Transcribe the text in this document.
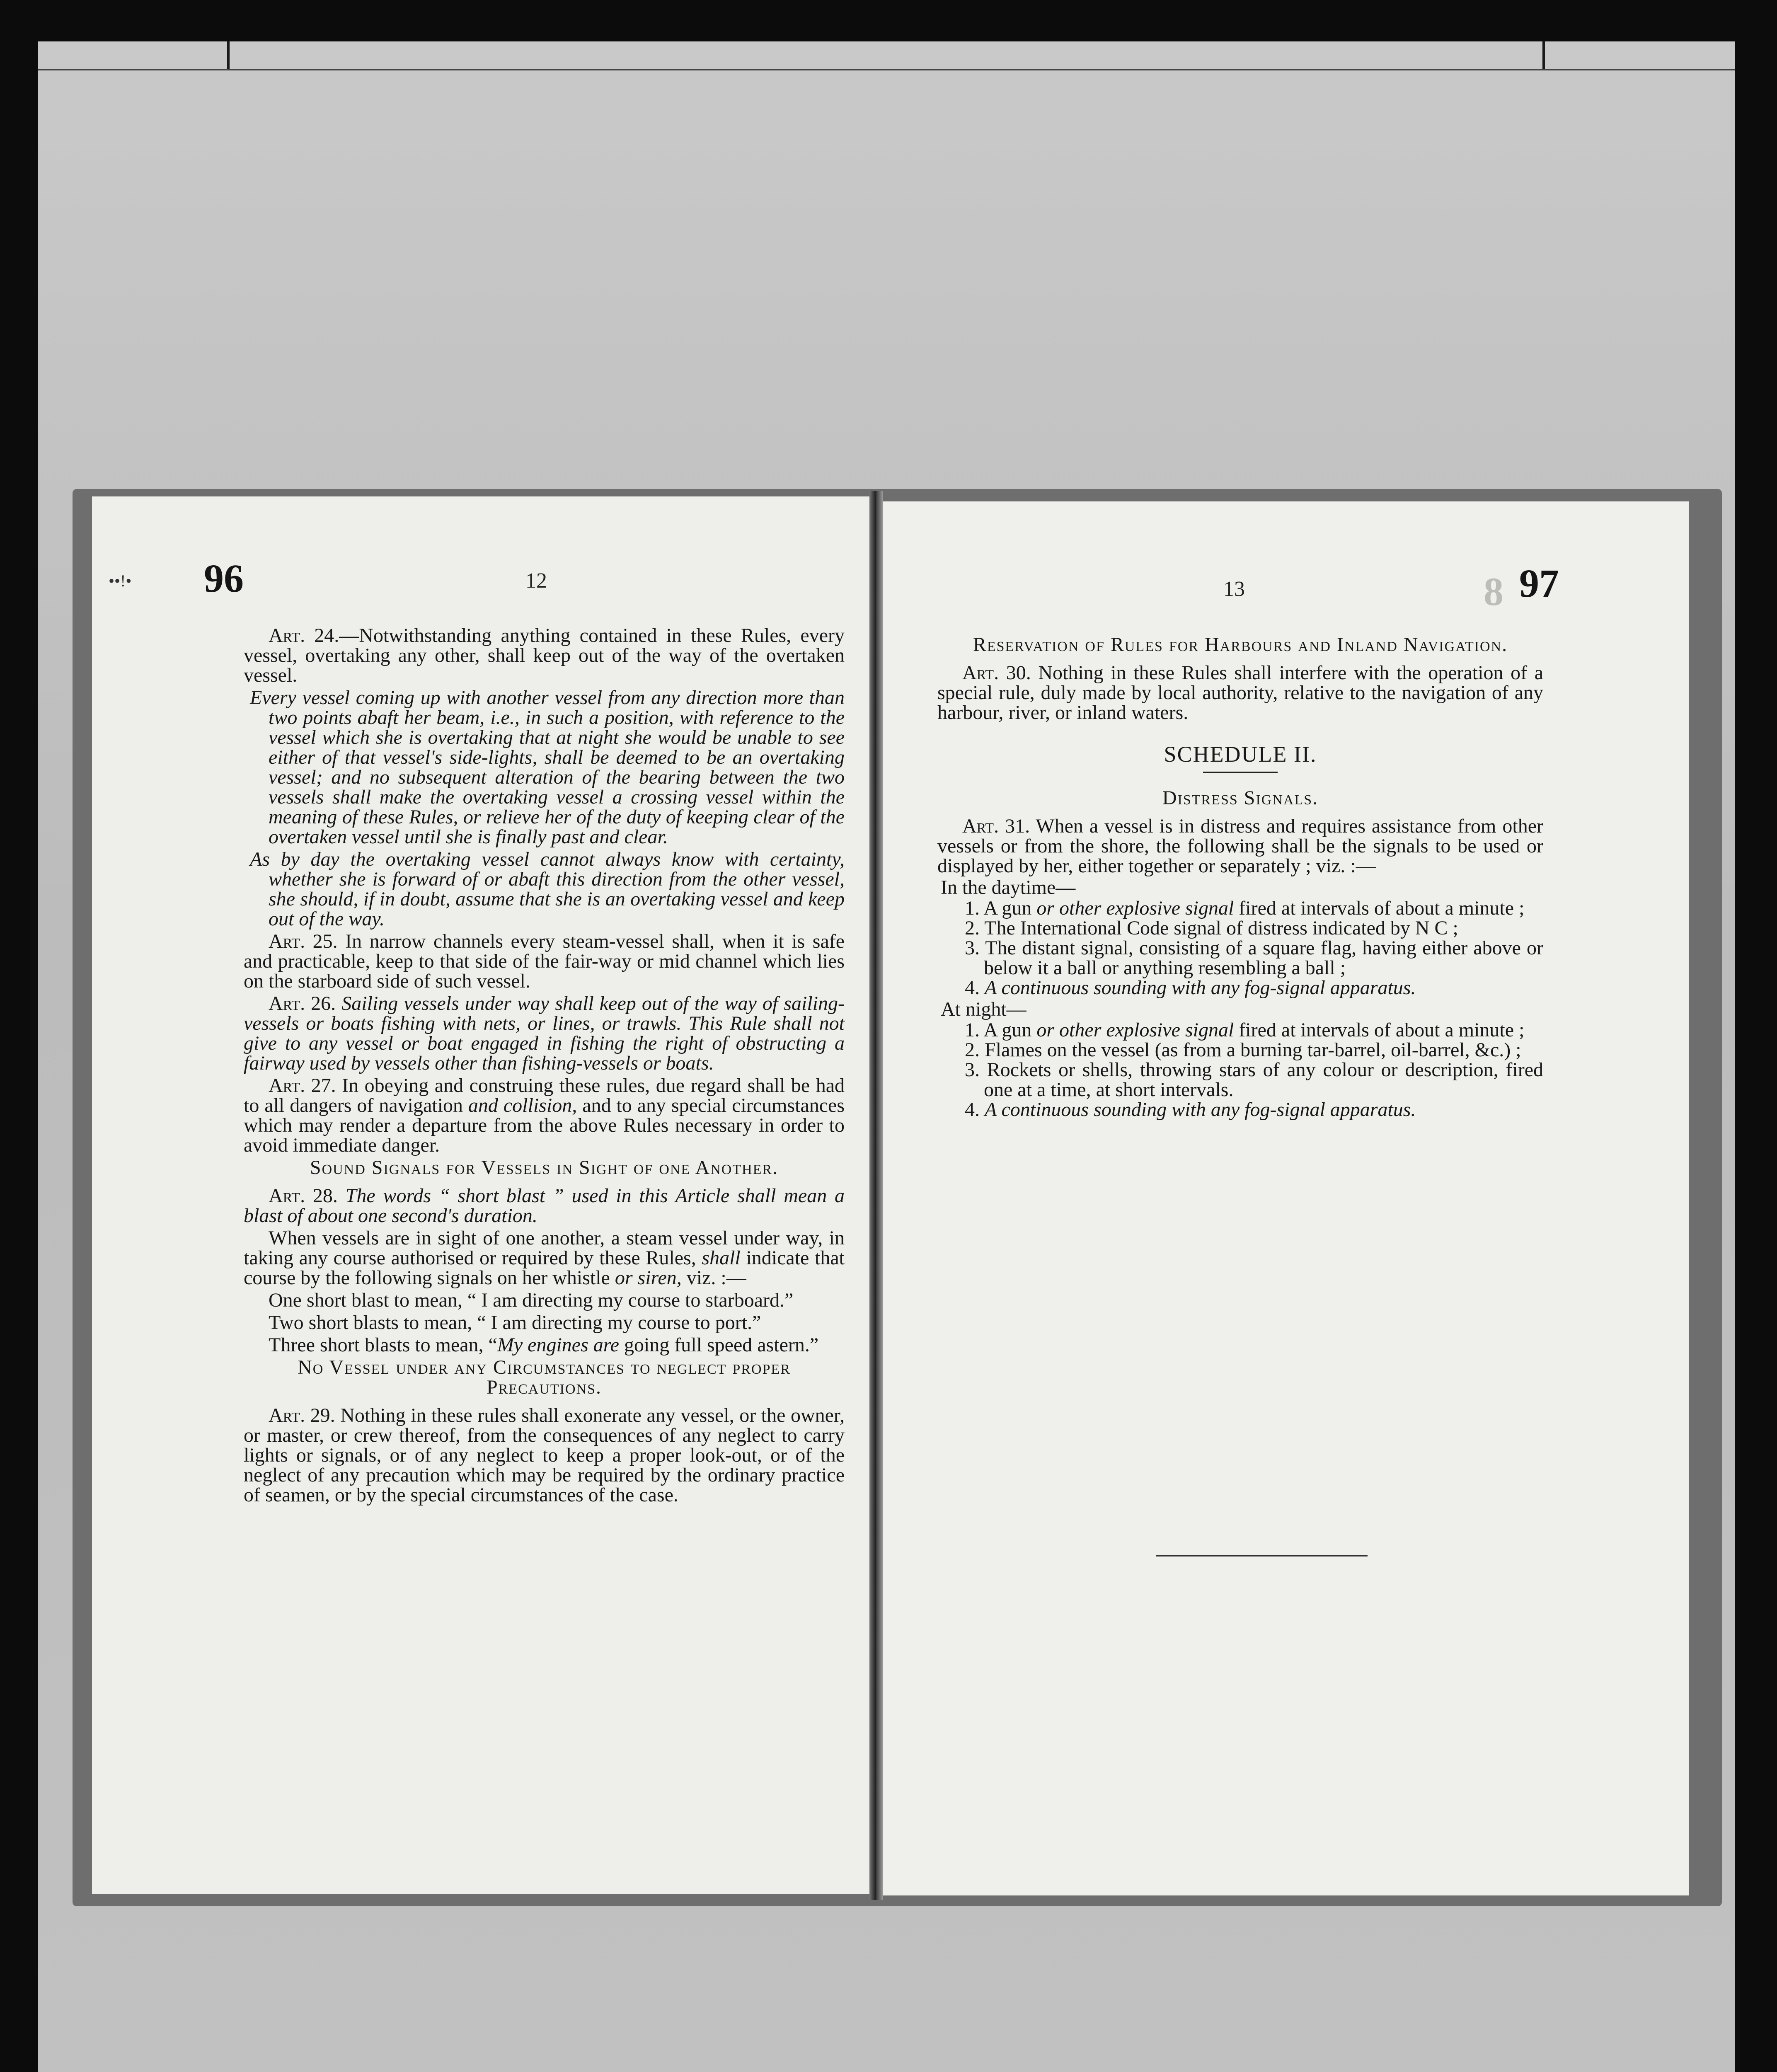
8
••!• 96	12	13	97

Art. 24.—Notwithstanding anything contained in these Rules, every vessel, overtaking any other, shall keep out of the way of the overtaken vessel.

Every vessel coming up with another vessel from any direction more than two points abaft her beam, i.e., in such a position, with reference to the vessel which she is overtaking that at night she would be unable to see either of that vessel's side-lights, shall be deemed to be an overtaking vessel; and no subsequent alteration of the bearing between the two vessels shall make the overtaking vessel a crossing vessel within the meaning of these Rules, or relieve her of the duty of keeping clear of the overtaken vessel until she is finally past and clear.

As by day the overtaking vessel cannot always know with certainty, whether she is forward of or abaft this direction from the other vessel, she should, if in doubt, assume that she is an overtaking vessel and keep out of the way.

Art. 25. In narrow channels every steam-vessel shall, when it is safe and practicable, keep to that side of the fair-way or mid channel which lies on the starboard side of such vessel.

Art. 26. Sailing vessels under way shall keep out of the way of sailing-vessels or boats fishing with nets, or lines, or trawls. This Rule shall not give to any vessel or boat engaged in fishing the right of obstructing a fairway used by vessels other than fishing-vessels or boats.

Art. 27. In obeying and construing these rules, due regard shall be had to all dangers of navigation and collision, and to any special circumstances which may render a departure from the above Rules necessary in order to avoid immediate danger.

Sound Signals for Vessels in Sight of one Another.

Art. 28. The words “ short blast ” used in this Article shall mean a blast of about one second's duration.

When vessels are in sight of one another, a steam vessel under way, in taking any course authorised or required by these Rules, shall indicate that course by the following signals on her whistle or siren, viz. :—

One short blast to mean, “ I am directing my course to starboard.”

Two short blasts to mean, “ I am directing my course to port.”

Three short blasts to mean, “My engines are going full speed astern.”

No Vessel under any Circumstances to neglect proper Precautions.

Art. 29. Nothing in these rules shall exonerate any vessel, or the owner, or master, or crew thereof, from the consequences of any neglect to carry lights or signals, or of any neglect to keep a proper look-out, or of the neglect of any precaution which may be required by the ordinary practice of seamen, or by the special circumstances of the case.

Reservation of Rules for Harbours and Inland Navigation.

Art. 30. Nothing in these Rules shall interfere with the operation of a special rule, duly made by local authority, relative to the navigation of any harbour, river, or inland waters.

SCHEDULE II.

Distress Signals.

Art. 31. When a vessel is in distress and requires assistance from other vessels or from the shore, the following shall be the signals to be used or displayed by her, either together or separately ; viz. :—

In the daytime—

1. A gun or other explosive signal fired at intervals of about a minute ;

2. The International Code signal of distress indicated by N C ;

3. The distant signal, consisting of a square flag, having either above or below it a ball or anything resembling a ball ;

4. A continuous sounding with any fog-signal apparatus.

At night—

1. A gun or other explosive signal fired at intervals of about a minute ;

2. Flames on the vessel (as from a burning tar-barrel, oil-barrel, &c.) ;

3. Rockets or shells, throwing stars of any colour or description, fired one at a time, at short intervals.

4. A continuous sounding with any fog-signal apparatus.
